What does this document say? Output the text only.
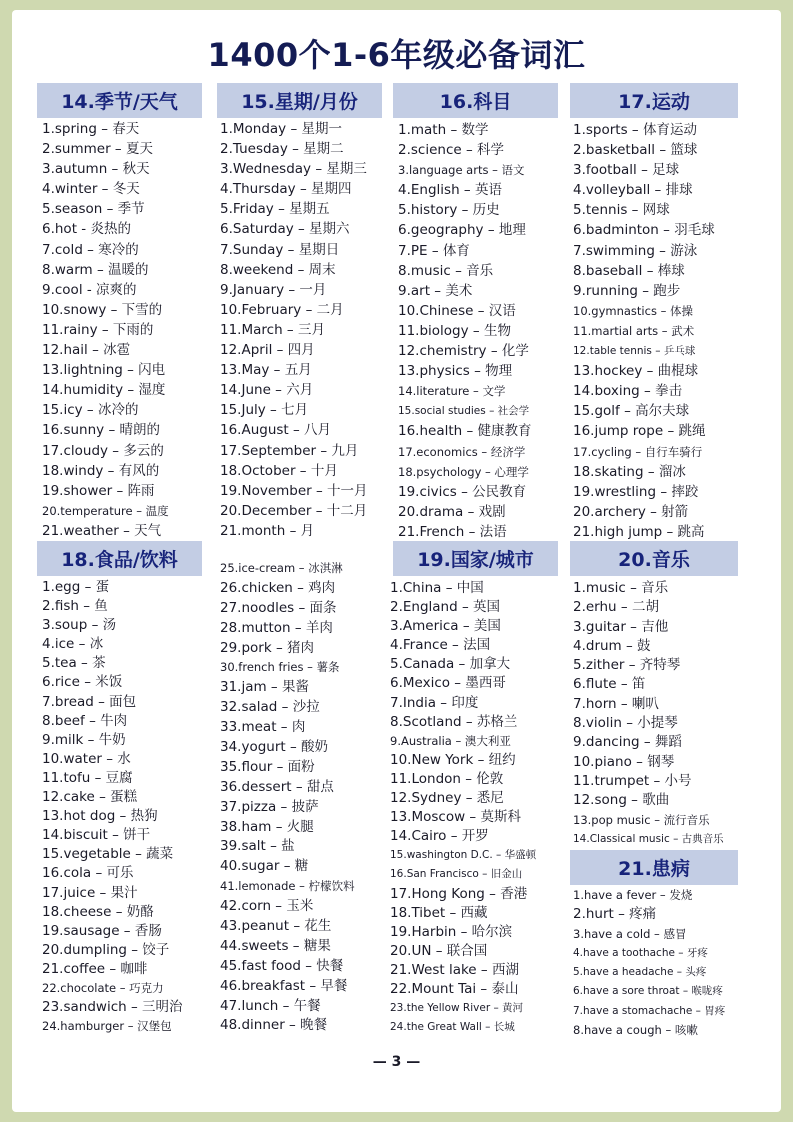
1400个1-6年级必备词汇
14.季节/天气	15.星期/月份	16.科目	17.运动
1.spring – 春天
2.summer – 夏天
3.autumn – 秋天
4.winter – 冬天
5.season – 季节
6.hot - 炎热的
7.cold – 寒冷的
8.warm – 温暖的
9.cool - 凉爽的
10.snowy – 下雪的
11.rainy – 下雨的
12.hail – 冰雹
13.lightning – 闪电
14.humidity – 湿度
15.icy – 冰冷的
16.sunny – 晴朗的
17.cloudy – 多云的
18.windy – 有风的
19.shower – 阵雨
20.temperature – 温度
21.weather – 天气
1.Monday – 星期一
2.Tuesday – 星期二
3.Wednesday – 星期三
4.Thursday – 星期四
5.Friday – 星期五
6.Saturday – 星期六
7.Sunday – 星期日
8.weekend – 周末
9.January – 一月
10.February – 二月
11.March – 三月
12.April – 四月
13.May – 五月
14.June – 六月
15.July – 七月
16.August – 八月
17.September – 九月
18.October – 十月
19.November – 十一月
20.December – 十二月
21.month – 月
1.math – 数学
2.science – 科学
3.language arts – 语文
4.English – 英语
5.history – 历史
6.geography – 地理
7.PE – 体育
8.music – 音乐
9.art – 美术
10.Chinese – 汉语
11.biology – 生物
12.chemistry – 化学
13.physics – 物理
14.literature – 文学
15.social studies – 社会学
16.health – 健康教育
17.economics – 经济学
18.psychology – 心理学
19.civics – 公民教育
20.drama – 戏剧
21.French – 法语
1.sports – 体育运动
2.basketball – 篮球
3.football – 足球
4.volleyball – 排球
5.tennis – 网球
6.badminton – 羽毛球
7.swimming – 游泳
8.baseball – 棒球
9.running – 跑步
10.gymnastics – 体操
11.martial arts – 武术
12.table tennis – 乒乓球
13.hockey – 曲棍球
14.boxing – 拳击
15.golf – 高尔夫球
16.jump rope – 跳绳
17.cycling – 自行车骑行
18.skating – 溜冰
19.wrestling – 摔跤
20.archery – 射箭
21.high jump – 跳高
18.食品/饮料	19.国家/城市	20.音乐
1.egg – 蛋
2.fish – 鱼
3.soup – 汤
4.ice – 冰
5.tea – 茶
6.rice – 米饭
7.bread – 面包
8.beef – 牛肉
9.milk – 牛奶
10.water – 水
11.tofu – 豆腐
12.cake – 蛋糕
13.hot dog – 热狗
14.biscuit – 饼干
15.vegetable – 蔬菜
16.cola – 可乐
17.juice – 果汁
18.cheese – 奶酪
19.sausage – 香肠
20.dumpling – 饺子
21.coffee – 咖啡
22.chocolate – 巧克力
23.sandwich – 三明治
24.hamburger – 汉堡包
25.ice-cream – 冰淇淋
26.chicken – 鸡肉
27.noodles – 面条
28.mutton – 羊肉
29.pork – 猪肉
30.french fries – 薯条
31.jam – 果酱
32.salad – 沙拉
33.meat – 肉
34.yogurt – 酸奶
35.flour – 面粉
36.dessert – 甜点
37.pizza – 披萨
38.ham – 火腿
39.salt – 盐
40.sugar – 糖
41.lemonade – 柠檬饮料
42.corn – 玉米
43.peanut – 花生
44.sweets – 糖果
45.fast food – 快餐
46.breakfast – 早餐
47.lunch – 午餐
48.dinner – 晚餐
1.China – 中国
2.England – 英国
3.America – 美国
4.France – 法国
5.Canada – 加拿大
6.Mexico – 墨西哥
7.India – 印度
8.Scotland – 苏格兰
9.Australia – 澳大利亚
10.New York – 纽约
11.London – 伦敦
12.Sydney – 悉尼
13.Moscow – 莫斯科
14.Cairo – 开罗
15.washington D.C. – 华盛顿
16.San Francisco – 旧金山
17.Hong Kong – 香港
18.Tibet – 西藏
19.Harbin – 哈尔滨
20.UN – 联合国
21.West lake – 西湖
22.Mount Tai – 泰山
23.the Yellow River – 黄河
24.the Great Wall – 长城
1.music – 音乐
2.erhu – 二胡
3.guitar – 吉他
4.drum – 鼓
5.zither – 齐特琴
6.flute – 笛
7.horn – 喇叭
8.violin – 小提琴
9.dancing – 舞蹈
10.piano – 钢琴
11.trumpet – 小号
12.song – 歌曲
13.pop music – 流行音乐
14.Classical music – 古典音乐
21.患病
1.have a fever – 发烧
2.hurt – 疼痛
3.have a cold – 感冒
4.have a toothache – 牙疼
5.have a headache – 头疼
6.have a sore throat – 喉咙疼
7.have a stomachache – 胃疼
8.have a cough – 咳嗽
— 3 —
